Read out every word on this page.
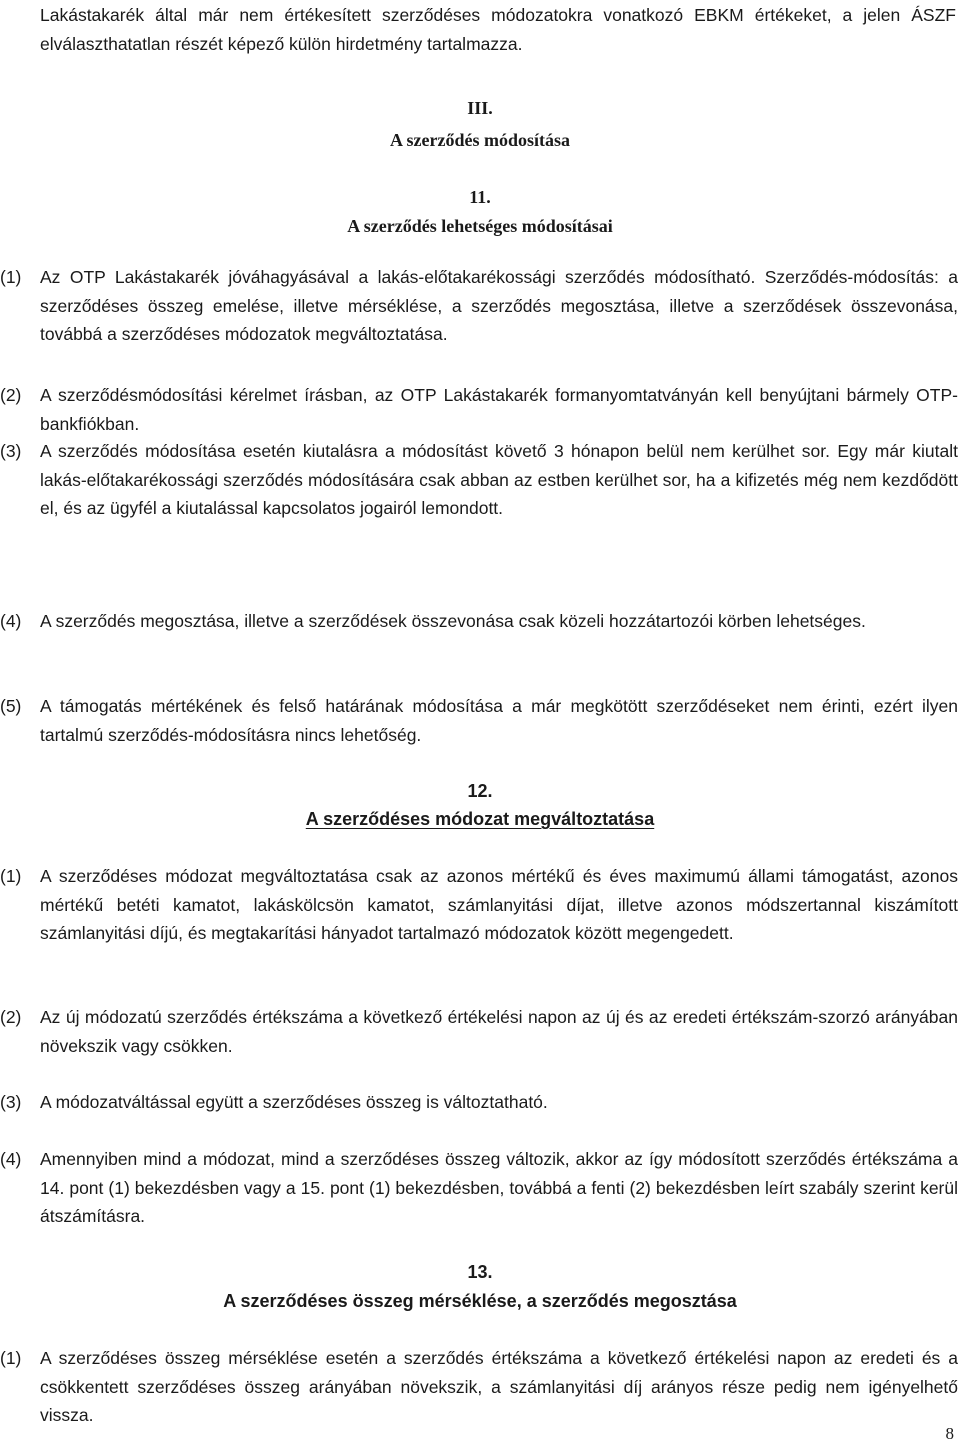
Lakástakarék által már nem értékesített szerződéses módozatokra vonatkozó EBKM értékeket, a jelen ÁSZF elválaszthatatlan részét képező külön hirdetmény tartalmazza.
III.
A szerződés módosítása
11.
A szerződés lehetséges módosításai
(1)	Az OTP Lakástakarék jóváhagyásával a lakás-előtakarékossági szerződés módosítható. Szerződés-módosítás: a szerződéses összeg emelése, illetve mérséklése, a szerződés megosztása, illetve a szerződések összevonása, továbbá a szerződéses módozatok megváltoztatása.
(2)	A szerződésmódosítási kérelmet írásban, az OTP Lakástakarék formanyomtatványán kell benyújtani bármely OTP-bankfiókban.
(3)	A szerződés módosítása esetén kiutalásra a módosítást követő 3 hónapon belül nem kerülhet sor. Egy már kiutalt lakás-előtakarékossági szerződés módosítására csak abban az estben kerülhet sor, ha a kifizetés még nem kezdődött el, és az ügyfél a kiutalással kapcsolatos jogairól lemondott.
(4)	A szerződés megosztása, illetve a szerződések összevonása csak közeli hozzátartozói körben lehetséges.
(5)	A támogatás mértékének és felső határának módosítása a már megkötött szerződéseket nem érinti, ezért ilyen tartalmú szerződés-módosításra nincs lehetőség.
12.
A szerződéses módozat megváltoztatása
(1)	A szerződéses módozat megváltoztatása csak az azonos mértékű és éves maximumú állami támogatást, azonos mértékű betéti kamatot, lakáskölcsön kamatot, számlanyitási díjat, illetve azonos módszertannal kiszámított számlanyitási díjú, és megtakarítási hányadot tartalmazó módozatok között megengedett.
(2)	Az új módozatú szerződés értékszáma a következő értékelési napon az új és az eredeti értékszám-szorzó arányában növekszik vagy csökken.
(3)	A módozatváltással együtt a szerződéses összeg is változtatható.
(4)	Amennyiben mind a módozat, mind a szerződéses összeg változik, akkor az így módosított szerződés értékszáma a 14. pont (1) bekezdésben vagy a 15. pont (1) bekezdésben, továbbá a fenti (2) bekezdésben leírt szabály szerint kerül átszámításra.
13.
A szerződéses összeg mérséklése, a szerződés megosztása
(1)	A szerződéses összeg mérséklése esetén a szerződés értékszáma a következő értékelési napon az eredeti és a csökkentett szerződéses összeg arányában növekszik, a számlanyitási díj arányos része pedig nem igényelhető vissza.
8
